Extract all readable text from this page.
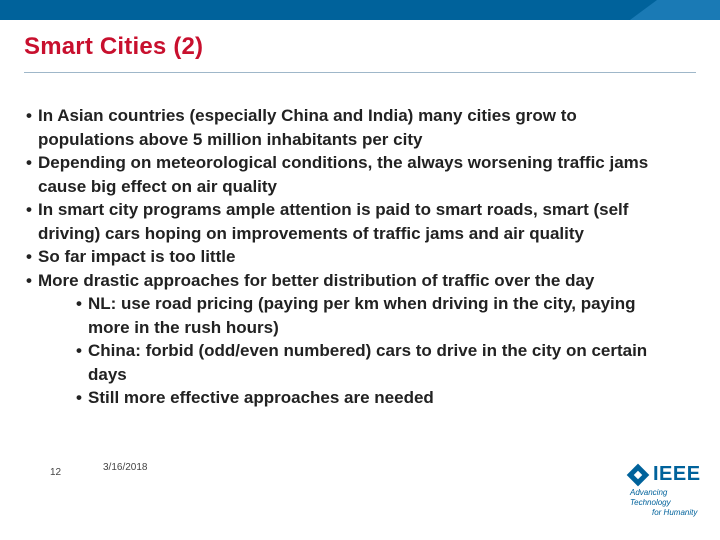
Smart Cities (2)
• In Asian countries (especially China and India) many cities grow to populations above 5 million inhabitants per city
• Depending on meteorological conditions, the always worsening traffic jams cause big effect on air quality
• In smart city programs ample attention is paid to smart roads, smart (self driving) cars hoping on improvements of traffic jams and air quality
• So far impact is too little
• More drastic approaches for better distribution of traffic over the day
• NL: use road pricing (paying per km when driving in the city, paying more in the rush hours)
• China: forbid (odd/even numbered) cars to drive in the city on certain days
• Still more effective approaches are needed
12	3/16/2018	IEEE
Advancing Technology
for Humanity
